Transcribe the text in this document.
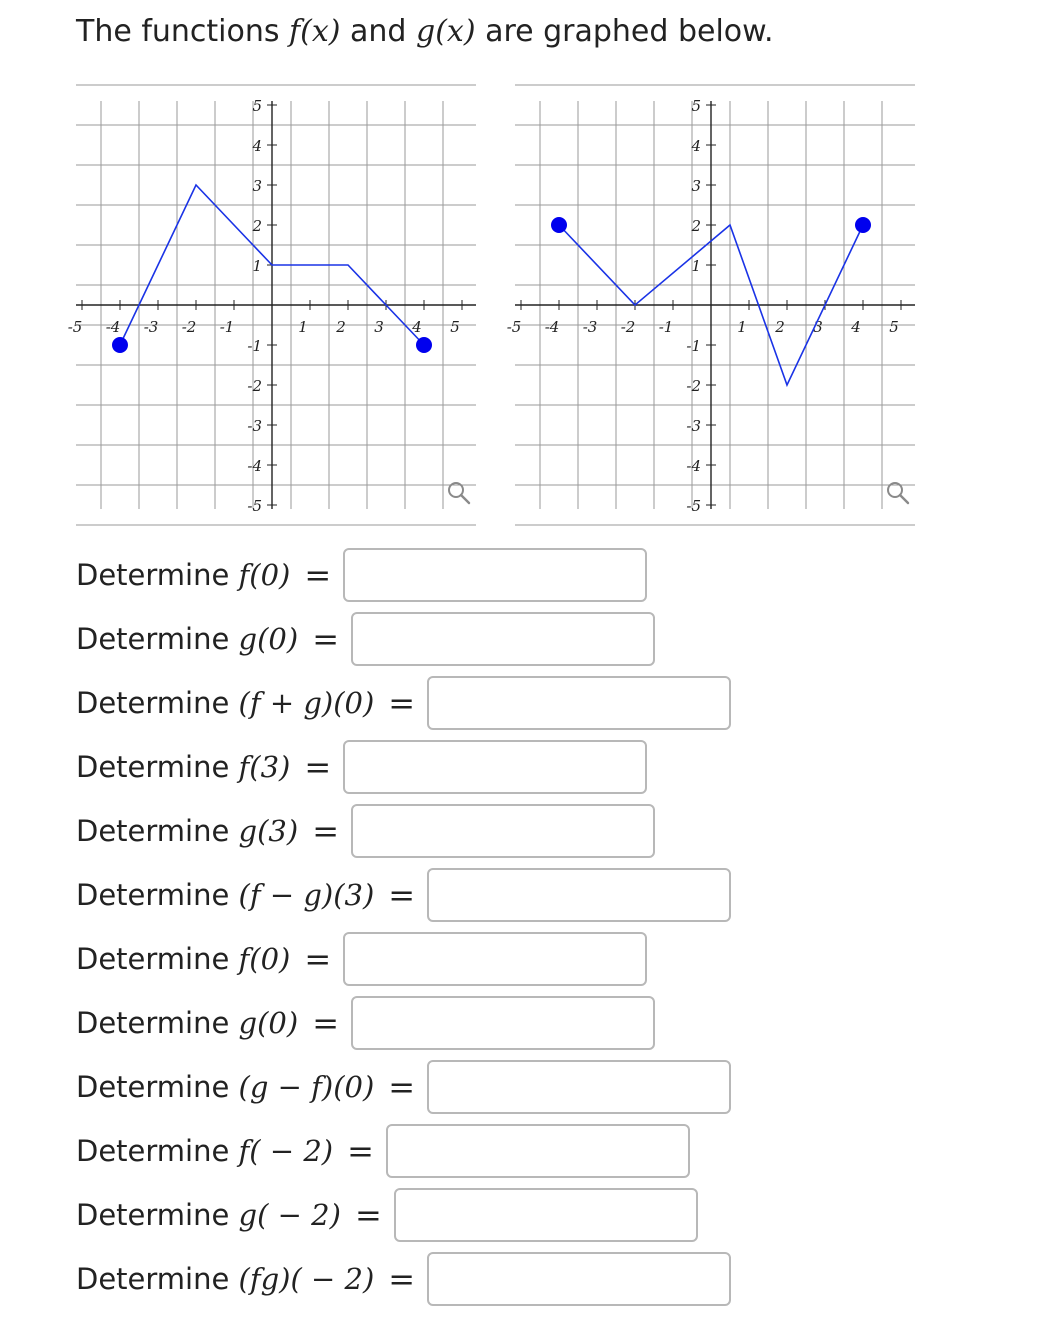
The functions f(x) and g(x) are graphed below.
-5 -4 -3 -2 -1	1 2 3 4 5
5
4
3
2
1
-1
-2
-3
-4
-5
-5 -4 -3 -2 -1	1 2 3 4 5
5
4
3
2
1
-1
-2
-3
-4
-5
Determine f(0) =
Determine g(0) =
Determine (f + g)(0) =
Determine f(3) =
Determine g(3) =
Determine (f − g)(3) =
Determine f(0) =
Determine g(0) =
Determine (g − f)(0) =
Determine f( − 2) =
Determine g( − 2) =
Determine (fg)( − 2) =
